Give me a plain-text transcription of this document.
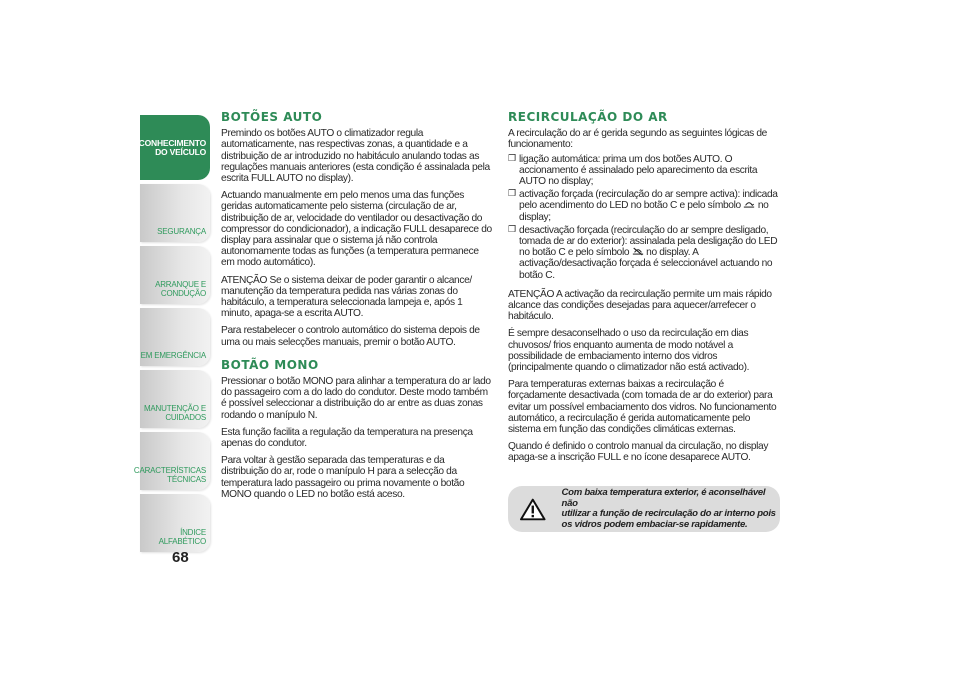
CONHECIMENTO
DO VEÍCULO
SEGURANÇA
ARRANQUE E
CONDUÇÃO
EM EMERGÊNCIA
MANUTENÇÃO E
CUIDADOS
CARACTERÍSTICAS
TÉCNICAS
ÍNDICE ALFABÉTICO
68
BOTÕES AUTO

Premindo os botões AUTO o climatizador regula automaticamente, nas respectivas zonas, a quantidade e a distribuição de ar introduzido no habitáculo anulando todas as regulações manuais anteriores (esta condição é assinalada pela escrita FULL AUTO no display).

Actuando manualmente em pelo menos uma das funções geridas automaticamente pelo sistema (circulação de ar, distribuição de ar, velocidade do ventilador ou desactivação do compressor do condicionador), a indicação FULL desaparece do display para assinalar que o sistema já não controla autonomamente todas as funções (a temperatura permanece em modo automático).

ATENÇÃO Se o sistema deixar de poder garantir o alcance/ manutenção da temperatura pedida nas várias zonas do habitáculo, a temperatura seleccionada lampeja e, após 1 minuto, apaga-se a escrita AUTO.

Para restabelecer o controlo automático do sistema depois de uma ou mais selecções manuais, premir o botão AUTO.

BOTÃO MONO

Pressionar o botão MONO para alinhar a temperatura do ar lado do passageiro com a do lado do condutor. Deste modo também é possível seleccionar a distribuição do ar entre as duas zonas rodando o manípulo N.

Esta função facilita a regulação da temperatura na presença apenas do condutor.

Para voltar à gestão separada das temperaturas e da distribuição do ar, rode o manípulo H para a selecção da temperatura lado passageiro ou prima novamente o botão MONO quando o LED no botão está aceso.

RECIRCULAÇÃO DO AR

A recirculação do ar é gerida segundo as seguintes lógicas de funcionamento:

❒ ligação automática: prima um dos botões AUTO. O accionamento é assinalado pelo aparecimento da escrita AUTO no display;
❒ activação forçada (recirculação do ar sempre activa): indicada pelo acendimento do LED no botão C e pelo símbolo no display;
❒ desactivação forçada (recirculação do ar sempre desligado, tomada de ar do exterior): assinalada pela desligação do LED no botão C e pelo símbolo no display. A activação/desactivação forçada é seleccionável actuando no botão C.

ATENÇÃO A activação da recirculação permite um mais rápido alcance das condições desejadas para aquecer/arrefecer o habitáculo.

É sempre desaconselhado o uso da recirculação em dias chuvosos/ frios enquanto aumenta de modo notável a possibilidade de embaciamento interno dos vidros (principalmente quando o climatizador não está activado).

Para temperaturas externas baixas a recirculação é forçadamente desactivada (com tomada de ar do exterior) para evitar um possível embaciamento dos vidros. No funcionamento automático, a recirculação é gerida automaticamente pelo sistema em função das condições climáticas externas.

Quando é definido o controlo manual da circulação, no display apaga-se a inscrição FULL e no ícone desaparece AUTO.

Com baixa temperatura exterior, é aconselhável não
utilizar a função de recirculação do ar interno pois
os vidros podem embaciar-se rapidamente.
